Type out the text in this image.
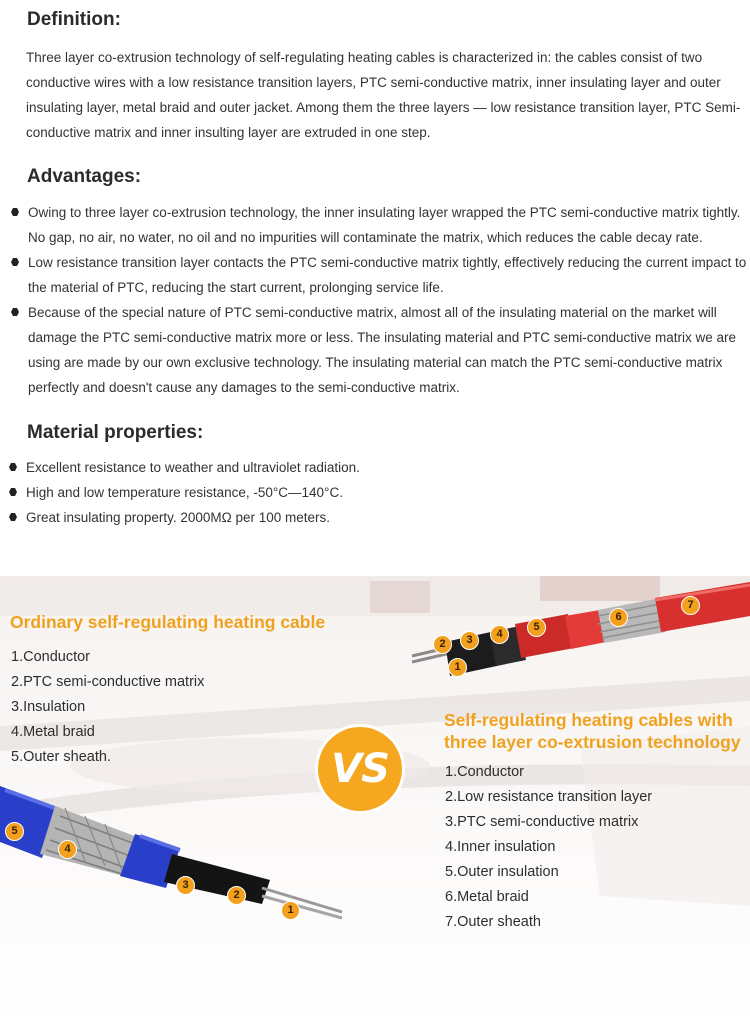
Definition:

Three layer co-extrusion technology of self-regulating heating cables is characterized in: the cables consist of two conductive wires with a low resistance transition layers, PTC semi-conductive matrix, inner insulating layer and outer insulating layer, metal braid and outer jacket. Among them the three layers — low resistance transition layer, PTC Semi-conductive matrix and inner insulting layer are extruded in one step.

Advantages:
Owing to three layer co-extrusion technology, the inner insulating layer wrapped the PTC semi-conductive matrix tightly. No gap, no air, no water, no oil and no impurities will contaminate the matrix, which reduces the cable decay rate.
Low resistance transition layer contacts the PTC semi-conductive matrix tightly, effectively reducing the current impact to the material of PTC, reducing the start current, prolonging service life.
Because of the special nature of PTC semi-conductive matrix, almost all of the insulating material on the market will damage the PTC semi-conductive matrix more or less. The insulating material and PTC semi-conductive matrix we are using are made by our own exclusive technology. The insulating material can match the PTC semi-conductive matrix perfectly and doesn't cause any damages to the semi-conductive matrix.
Material properties:
Excellent resistance to weather and ultraviolet radiation.
High and low temperature resistance, -50°C—140°C.
Great insulating property. 2000MΩ per 100 meters.
Ordinary self-regulating heating cable
1.Conductor
2.PTC semi-conductive matrix
3.Insulation
4.Metal braid
5.Outer sheath.	VS
Self-regulating heating cables with
three layer co-extrusion technology
1.Conductor
2.Low resistance transition layer
3.PTC semi-conductive matrix
4.Inner insulation
5.Outer insulation
6.Metal braid
7.Outer sheath
2	3	4
5
6
7
1
5
4
3
2
1
